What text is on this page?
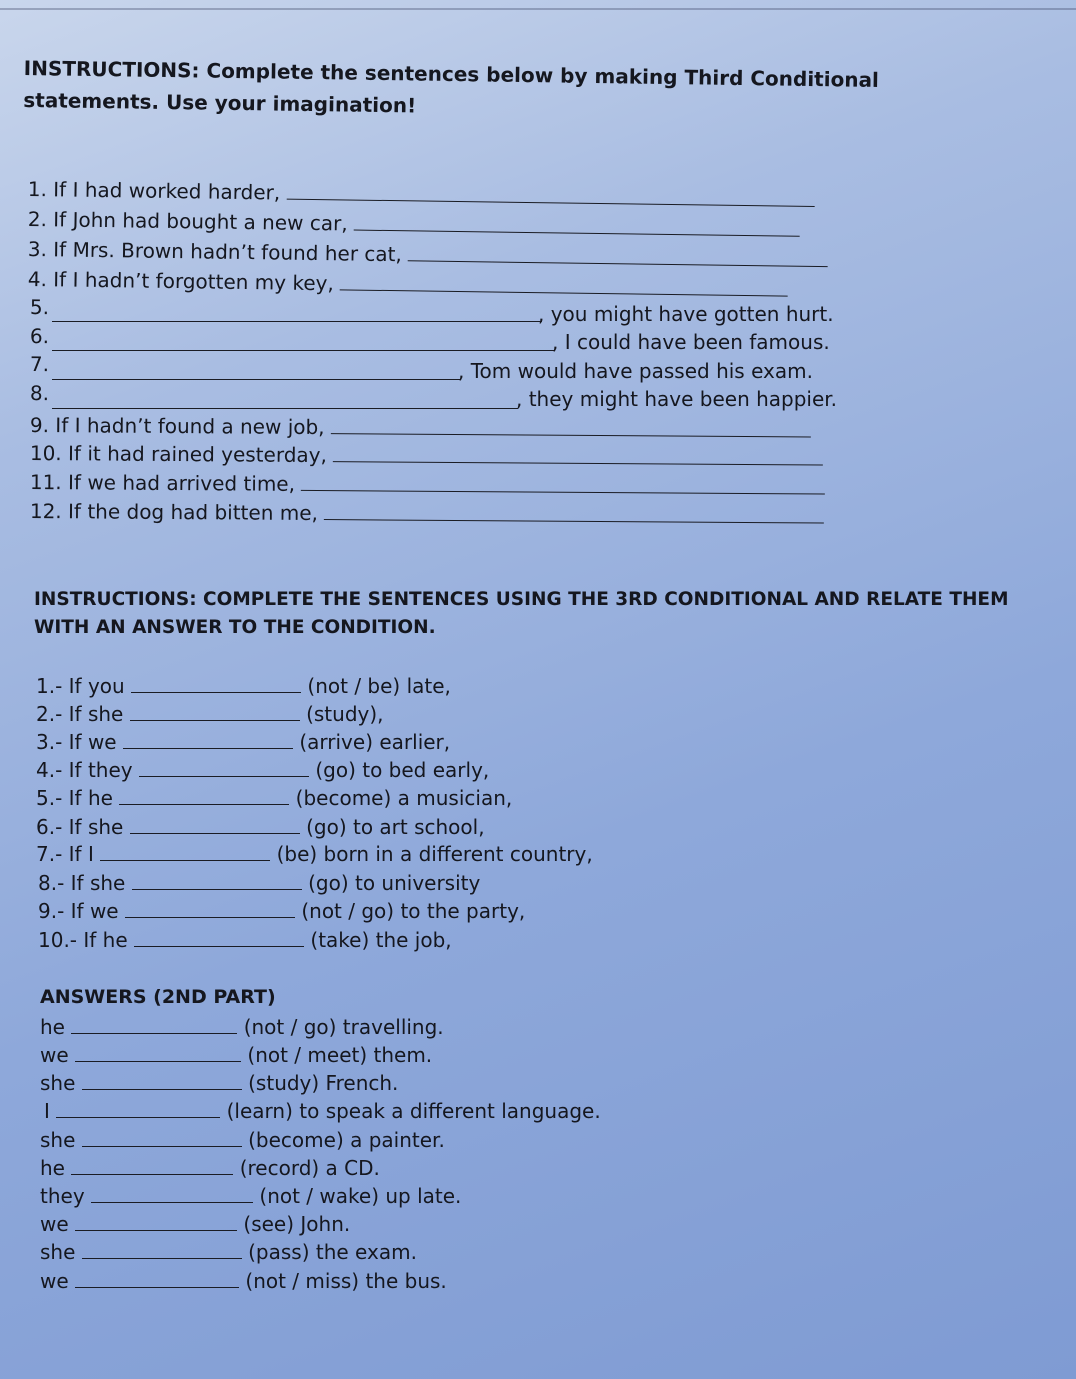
INSTRUCTIONS: Complete the sentences below by making Third Conditional statements. Use your imagination!
1. If I had worked harder,
2. If John had bought a new car,
3. If Mrs. Brown hadn’t found her cat,
4. If I hadn’t forgotten my key,
5.	, you might have gotten hurt.
6.	, I could have been famous.
7.	, Tom would have passed his exam.
8.	, they might have been happier.
9. If I hadn’t found a new job,
10. If it had rained yesterday,
11. If we had arrived time,
12. If the dog had bitten me,
INSTRUCTIONS: COMPLETE THE SENTENCES USING THE 3RD CONDITIONAL AND RELATE THEM WITH AN ANSWER TO THE CONDITION.
1.- If you	(not / be) late,
2.- If she	(study),
3.- If we	(arrive) earlier,
4.- If they	(go) to bed early,
5.- If he	(become) a musician,
6.- If she	(go) to art school,
7.- If I	(be) born in a different country,
8.- If she	(go) to university
9.- If we	(not / go) to the party,
10.- If he	(take) the job,
ANSWERS (2ND PART)
he	(not / go) travelling.
we	(not / meet) them.
she	(study) French.
I	(learn) to speak a different language.
she	(become) a painter.
he	(record) a CD.
they	(not / wake) up late.
we	(see) John.
she	(pass) the exam.
we	(not / miss) the bus.
